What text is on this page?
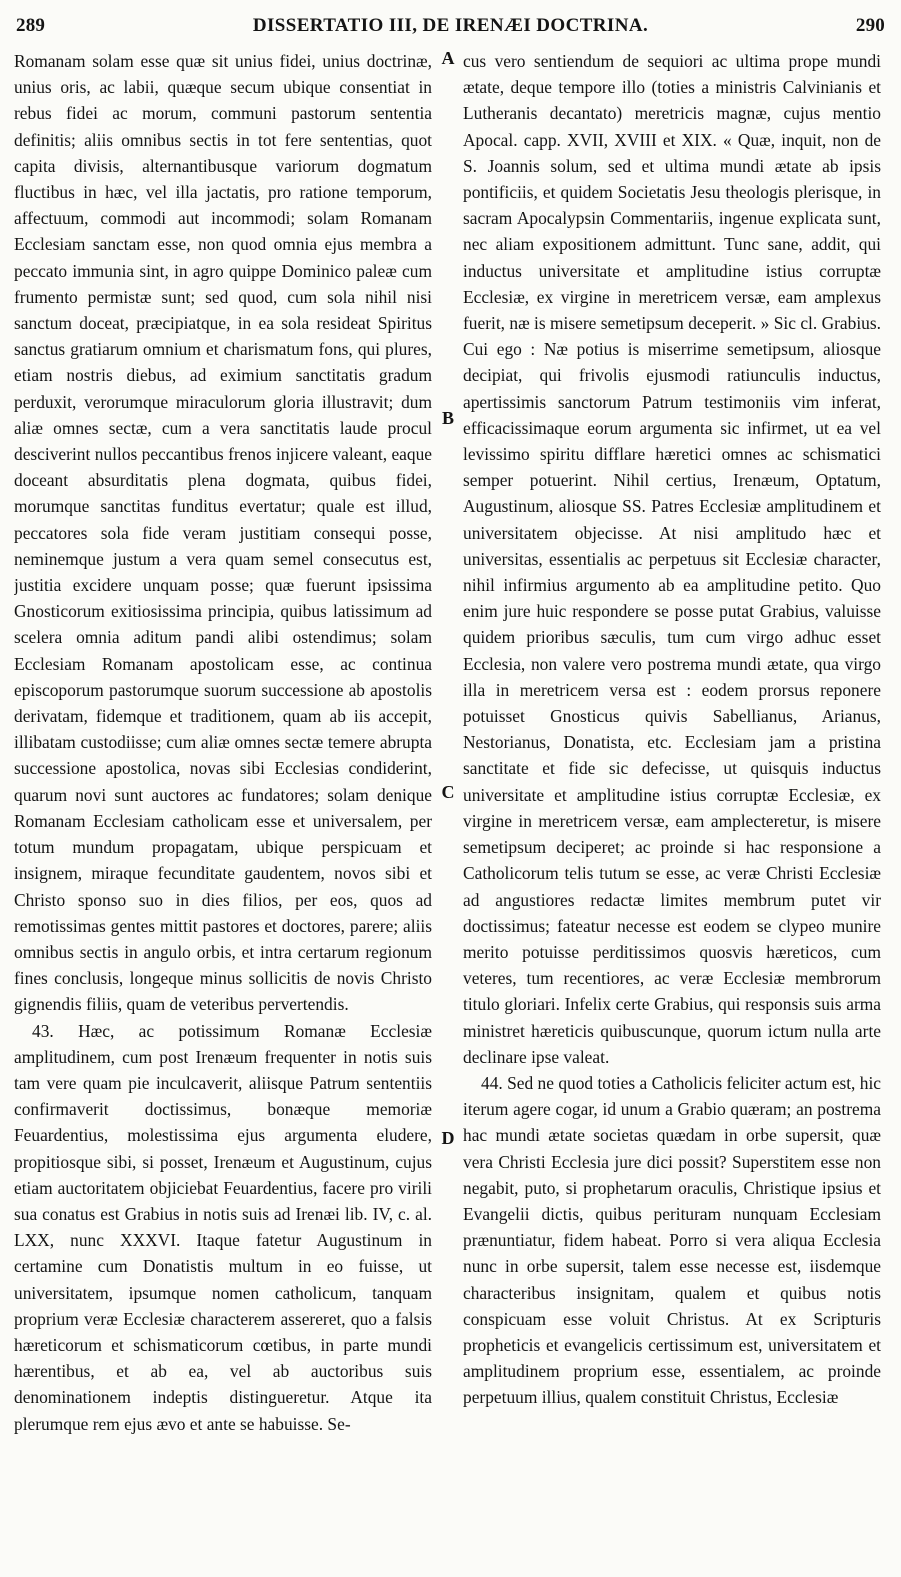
289	DISSERTATIO III, DE IRENÆI DOCTRINA.	290

Romanam solam esse quæ sit unius fidei, unius doctrinæ, unius oris, ac labii, quæque secum ubique consentiat in rebus fidei ac morum, communi pastorum sententia definitis; aliis omnibus sectis in tot fere sententias, quot capita divisis, alternantibusque variorum dogmatum fluctibus in hæc, vel illa jactatis, pro ratione temporum, affectuum, commodi aut incommodi; solam Romanam Ecclesiam sanctam esse, non quod omnia ejus membra a peccato immunia sint, in agro quippe Dominico paleæ cum frumento permistæ sunt; sed quod, cum sola nihil nisi sanctum doceat, præcipiatque, in ea sola resideat Spiritus sanctus gratiarum omnium et charismatum fons, qui plures, etiam nostris diebus, ad eximium sanctitatis gradum perduxit, verorumque miraculorum gloria illustravit; dum aliæ omnes sectæ, cum a vera sanctitatis laude procul desciverint nullos peccantibus frenos injicere valeant, eaque doceant absurditatis plena dogmata, quibus fidei, morumque sanctitas funditus evertatur; quale est illud, peccatores sola fide veram justitiam consequi posse, neminemque justum a vera quam semel consecutus est, justitia excidere unquam posse; quæ fuerunt ipsissima Gnosticorum exitiosissima principia, quibus latissimum ad scelera omnia aditum pandi alibi ostendimus; solam Ecclesiam Romanam apostolicam esse, ac continua episcoporum pastorumque suorum successione ab apostolis derivatam, fidemque et traditionem, quam ab iis accepit, illibatam custodiisse; cum aliæ omnes sectæ temere abrupta successione apostolica, novas sibi Ecclesias condiderint, quarum novi sunt auctores ac fundatores; solam denique Romanam Ecclesiam catholicam esse et universalem, per totum mundum propagatam, ubique perspicuam et insignem, miraque fecunditate gaudentem, novos sibi et Christo sponso suo in dies filios, per eos, quos ad remotissimas gentes mittit pastores et doctores, parere; aliis omnibus sectis in angulo orbis, et intra certarum regionum fines conclusis, longeque minus sollicitis de novis Christo gignendis filiis, quam de veteribus pervertendis.

43. Hæc, ac potissimum Romanæ Ecclesiæ amplitudinem, cum post Irenæum frequenter in notis suis tam vere quam pie inculcaverit, aliisque Patrum sententiis confirmaverit doctissimus, bonæque memoriæ Feuardentius, molestissima ejus argumenta eludere, propitiosque sibi, si posset, Irenæum et Augustinum, cujus etiam auctoritatem objiciebat Feuardentius, facere pro virili sua conatus est Grabius in notis suis ad Irenæi lib. IV, c. al. LXX, nunc XXXVI. Itaque fatetur Augustinum in certamine cum Donatistis multum in eo fuisse, ut universitatem, ipsumque nomen catholicum, tanquam proprium veræ Ecclesiæ characterem assereret, quo a falsis hæreticorum et schismaticorum cœtibus, in parte mundi hærentibus, et ab ea, vel ab auctoribus suis denominationem indeptis distingueretur. Atque ita plerumque rem ejus ævo et ante se habuisse. Se-

A
B
C
D

cus vero sentiendum de sequiori ac ultima prope mundi ætate, deque tempore illo (toties a ministris Calvinianis et Lutheranis decantato) meretricis magnæ, cujus mentio Apocal. capp. XVII, XVIII et XIX. « Quæ, inquit, non de S. Joannis solum, sed et ultima mundi ætate ab ipsis pontificiis, et quidem Societatis Jesu theologis plerisque, in sacram Apocalypsin Commentariis, ingenue explicata sunt, nec aliam expositionem admittunt. Tunc sane, addit, qui inductus universitate et amplitudine istius corruptæ Ecclesiæ, ex virgine in meretricem versæ, eam amplexus fuerit, næ is misere semetipsum deceperit. » Sic cl. Grabius. Cui ego : Næ potius is miserrime semetipsum, aliosque decipiat, qui frivolis ejusmodi ratiunculis inductus, apertissimis sanctorum Patrum testimoniis vim inferat, efficacissimaque eorum argumenta sic infirmet, ut ea vel levissimo spiritu difflare hæretici omnes ac schismatici semper potuerint. Nihil certius, Irenæum, Optatum, Augustinum, aliosque SS. Patres Ecclesiæ amplitudinem et universitatem objecisse. At nisi amplitudo hæc et universitas, essentialis ac perpetuus sit Ecclesiæ character, nihil infirmius argumento ab ea amplitudine petito. Quo enim jure huic respondere se posse putat Grabius, valuisse quidem prioribus sæculis, tum cum virgo adhuc esset Ecclesia, non valere vero postrema mundi ætate, qua virgo illa in meretricem versa est : eodem prorsus reponere potuisset Gnosticus quivis Sabellianus, Arianus, Nestorianus, Donatista, etc. Ecclesiam jam a pristina sanctitate et fide sic defecisse, ut quisquis inductus universitate et amplitudine istius corruptæ Ecclesiæ, ex virgine in meretricem versæ, eam amplecteretur, is misere semetipsum deciperet; ac proinde si hac responsione a Catholicorum telis tutum se esse, ac veræ Christi Ecclesiæ ad angustiores redactæ limites membrum putet vir doctissimus; fateatur necesse est eodem se clypeo munire merito potuisse perditissimos quosvis hæreticos, cum veteres, tum recentiores, ac veræ Ecclesiæ membrorum titulo gloriari. Infelix certe Grabius, qui responsis suis arma ministret hæreticis quibuscunque, quorum ictum nulla arte declinare ipse valeat.

44. Sed ne quod toties a Catholicis feliciter actum est, hic iterum agere cogar, id unum a Grabio quæram; an postrema hac mundi ætate societas quædam in orbe supersit, quæ vera Christi Ecclesia jure dici possit? Superstitem esse non negabit, puto, si prophetarum oraculis, Christique ipsius et Evangelii dictis, quibus perituram nunquam Ecclesiam prænuntiatur, fidem habeat. Porro si vera aliqua Ecclesia nunc in orbe supersit, talem esse necesse est, iisdemque characteribus insignitam, qualem et quibus notis conspicuam esse voluit Christus. At ex Scripturis propheticis et evangelicis certissimum est, universitatem et amplitudinem proprium esse, essentialem, ac proinde perpetuum illius, qualem constituit Christus, Ecclesiæ
